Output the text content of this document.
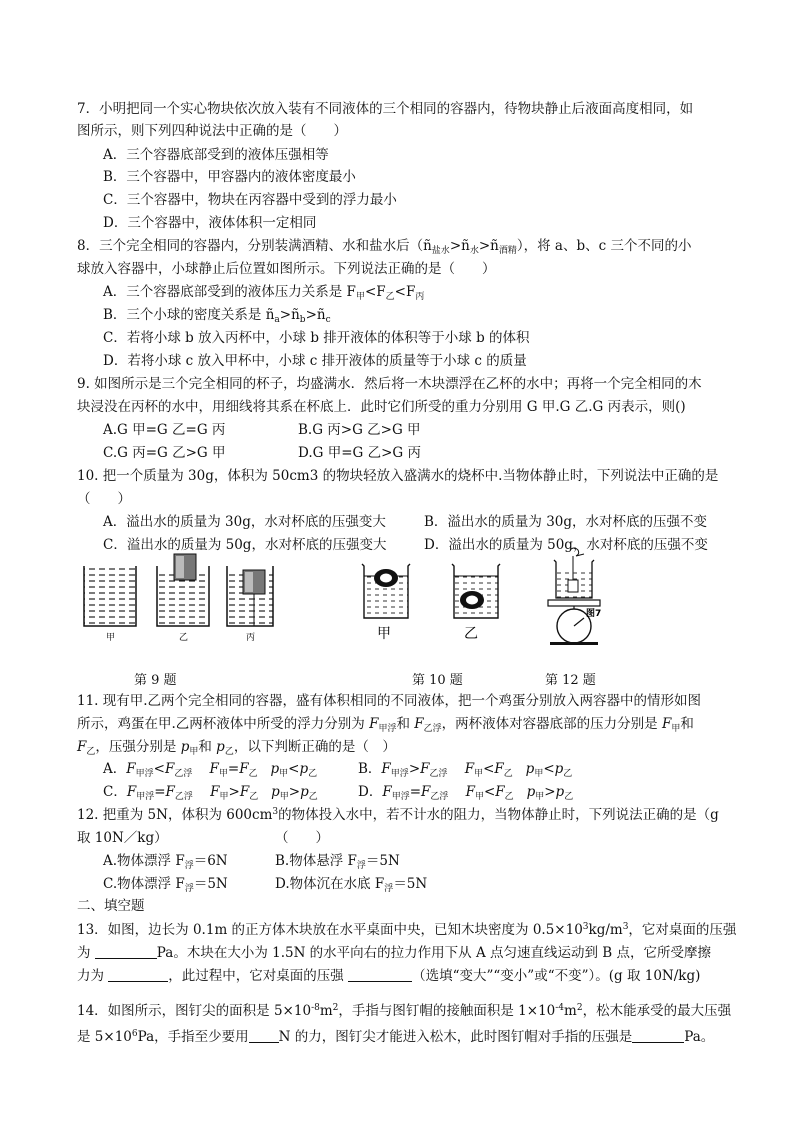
7．小明把同一个实心物块依次放入装有不同液体的三个相同的容器内，待物块静止后液面高度相同，如
图所示，则下列四种说法中正确的是（　　）
A．三个容器底部受到的液体压强相等
B．三个容器中，甲容器内的液体密度最小
C．三个容器中，物块在丙容器中受到的浮力最小
D．三个容器中，液体体积一定相同
8．三个完全相同的容器内，分别装满酒精、水和盐水后$(ñ_{盐水}>ñ_水>ñ_{酒精})$，将 a、b、c 三个不同的小
球放入容器中，小球静止后位置如图所示。下列说法正确的是（　　）
A．三个容器底部受到的液体压力关系是 $F_甲<F_乙<F_丙$
B．三个小球的密度关系是 $ñ_a>ñ_b>ñ_c$
C．若将小球 b 放入丙杯中，小球 b 排开液体的体积等于小球 b 的体积
D．若将小球 c 放入甲杯中，小球 c 排开液体的质量等于小球 c 的质量
9. 如图所示是三个完全相同的杯子，均盛满水．然后将一木块漂浮在乙杯的水中；再将一个完全相同的木
块浸没在丙杯的水中，用细线将其系在杯底上．此时它们所受的重力分别用 G 甲.G 乙.G 丙表示，则()
A.G 甲=G 乙=G 丙	B.G 丙>G 乙>G 甲
C.G 丙=G 乙>G 甲	D.G 甲=G 乙>G 丙
10. 把一个质量为 30g，体积为 50cm3 的物块轻放入盛满水的烧杯中.当物体静止时，下列说法中正确的是
（　　）
A．溢出水的质量为 30g，水对杯底的压强变大	B．溢出水的质量为 30g，水对杯底的压强不变
C．溢出水的质量为 50g，水对杯底的压强变大	D．溢出水的质量为 50g，水对杯底的压强不变
甲	乙	丙	甲	乙
图7
第 9 题	第 10 题	第 12 题
11. 现有甲.乙两个完全相同的容器，盛有体积相同的不同液体，把一个鸡蛋分别放入两容器中的情形如图
所示，鸡蛋在甲.乙两杯液体中所受的浮力分别为 $F_{甲浮}$和 $F_{乙浮}$，两杯液体对容器底部的压力分别是 $F_甲$和
$F_乙$，压强分别是 $p_甲$和 $p_乙$，以下判断正确的是（　）
A．$F_{甲浮}<F_{乙浮}$ $F_甲=F_乙$ $p_甲<p_乙$	B．$F_{甲浮}>F_{乙浮}$ $F_甲<F_乙$ $p_甲<p_乙$
C．$F_{甲浮}=F_{乙浮}$ $F_甲>F_乙$ $p_甲>p_乙$	D．$F_{甲浮}=F_{乙浮}$ $F_甲<F_乙$ $p_甲>p_乙$
12. 把重为 5N，体积为 $600cm^3$的物体投入水中，若不计水的阻力，当物体静止时，下列说法正确的是（g
取 10N／kg）	（　　）
A.物体漂浮 $F_浮=6N$	B.物体悬浮 $F_浮=5N$
C.物体漂浮 $F_浮=5N$	D.物体沉在水底 $F_浮=5N$
二、填空题
13．如图，边长为 0.1m 的正方体木块放在水平桌面中央，已知木块密度为 $0.5\times 10^3kg/m^3$，它对桌面的压强
为	Pa。木块在大小为 1.5N 的水平向右的拉力作用下从 A 点匀速直线运动到 B 点，它所受摩擦
力为	，此过程中，它对桌面的压强	（选填“变大”“变小”或“不变”）。(g 取 10N/kg)
14．如图所示，图钉尖的面积是 $5\times 10^{-8}m^2$，手指与图钉帽的接触面积是 $1\times 10^{-4}m^2$，松木能承受的最大压强
是 $5\times 10^6Pa$，手指至少要用 N 的力，图钉尖才能进入松木，此时图钉帽对手指的压强是	Pa。
